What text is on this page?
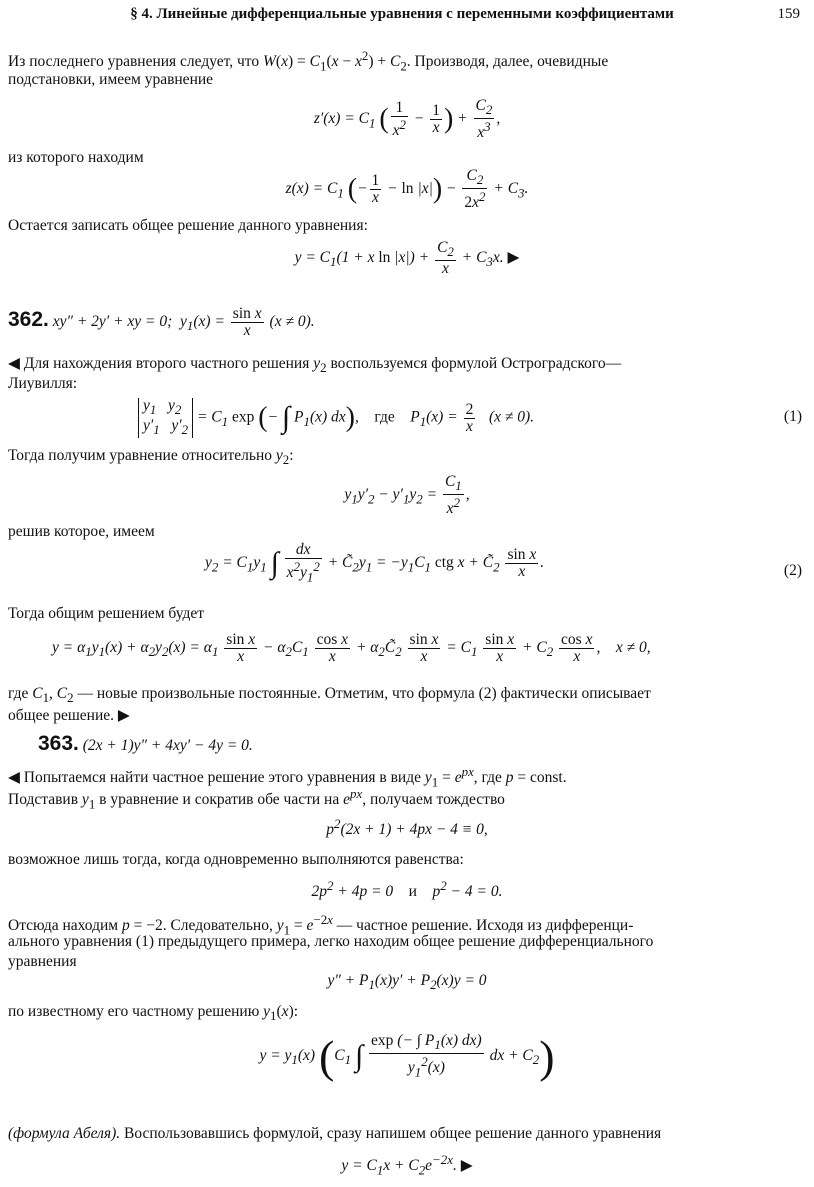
§ 4. Линейные дифференциальные уравнения с переменными коэффициентами	159
Из последнего уравнения следует, что $W(x) = C_1(x - x^2) + C_2$. Производя, далее, очевидные
подстановки, имеем уравнение
$z'(x) = C_1$ ( $\frac{1}{x^2} - \frac{1}{x}$ ) + $\frac{C_2}{x^3}$ ,
из которого находим
$z(x) = C_1$ (− $\frac{1}{x} - \ln |x|) - \frac{C_2}{2x^2} + C_3$.
Остается записать общее решение данного уравнения:
$y = C_1(1 + x$ $\ln |x|) + \frac{C_2}{x} + C_3x$. ▶
362. xy″ + 2y′ + xy = 0;  $y_1(x) = \frac{\text{sin x}}{x} (x \ne 0)$.
◀ Для нахождения второго частного решения $y_2$ воспользуемся формулой Остроградского—
Лиувилля:
$y_1$   $y_2$
$y'_1$   $y'_2 = C_1$ exp (− ∫ $P_1(x)$ dx),    где    $P_1(x) = \frac{2}{x} (x \ne 0)$.	(1)
Тогда получим уравнение относительно $y_2$:
$y_1y'_2 - y'_1y_2 = \frac{C_1}{x^2}$ ,
решив которое, имеем
$y_2 = C_1y_1$ ∫ $\frac{dx}{x^2y_1^2}$ + $C̃_2y_1 = -y_1C_1$ ctg $x + C̃_2 \frac{\text{sin x}}{x}$ .	(2)
Тогда общим решением будет
$y = \alpha_1y_1(x) + \alpha_2y_2(x) = \alpha_1 \frac{\text{sin x}}{x} - \alpha_2C_1 \frac{\text{cos x}}{x}$ + $\alpha_2C̃_2 \frac{\text{sin x}}{x} = C_1 \frac{\text{sin x}}{x} + C_2 \frac{\text{cos x}}{x}$ ,    x ≠ 0,
где $C_1$, $C_2$ — новые произвольные постоянные. Отметим, что формула (2) фактически описывает
общее решение. ▶
363. (2x + 1)y″ + 4xy′ − 4y = 0.
◀ Попытаемся найти частное решение этого уравнения в виде $y_1 = e^{px}$, где p = const.
Подставив $y_1$ в уравнение и сократив обе части на $e^{px}$, получаем тождество
$p^2(2x + 1) + 4px - 4 \equiv 0$,
возможное лишь тогда, когда одновременно выполняются равенства:
$2p^2 + 4p = 0$    и    $p^2 - 4 = 0$.
Отсюда находим p = −2. Следовательно, $y_1 = e^{-2x}$ — частное решение. Исходя из дифференци-
ального уравнения (1) предыдущего примера, легко находим общее решение дифференциального
уравнения
$y'' + P_1(x)y' + P_2(x)y = 0$
по известному его частному решению $y_1(x)$:
$y = y_1(x)$ ($C_1$ ∫ $\frac{\exp (- \int P_1(x) dx)}{y_1^2(x)}$ dx + $C_2$)
(формула Абеля). Воспользовавшись формулой, сразу напишем общее решение данного уравнения
$y = C_1x + C_2e^{-2x}$. ▶
